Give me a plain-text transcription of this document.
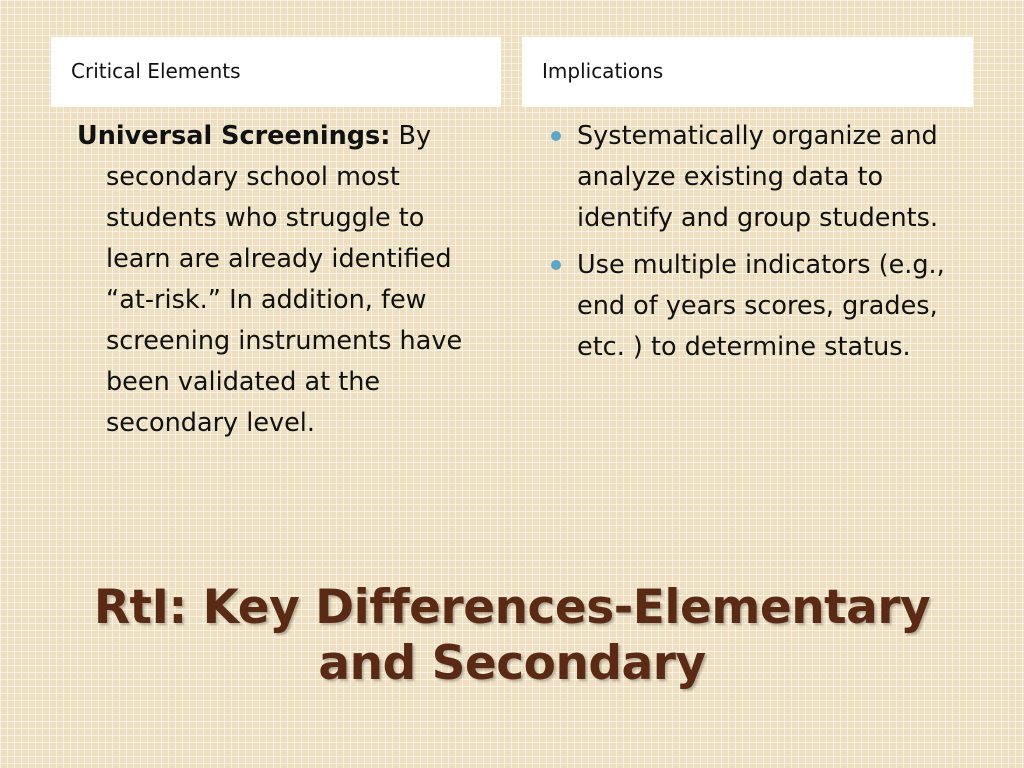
Critical Elements	Implications

Universal Screenings: By secondary school most students who struggle to learn are already identified “at-risk.” In addition, few screening instruments have been validated at the secondary level.

Systematically organize and analyze existing data to identify and group students.
Use multiple indicators (e.g., end of years scores, grades, etc. ) to determine status.
RtI: Key Differences-Elementary
and Secondary
